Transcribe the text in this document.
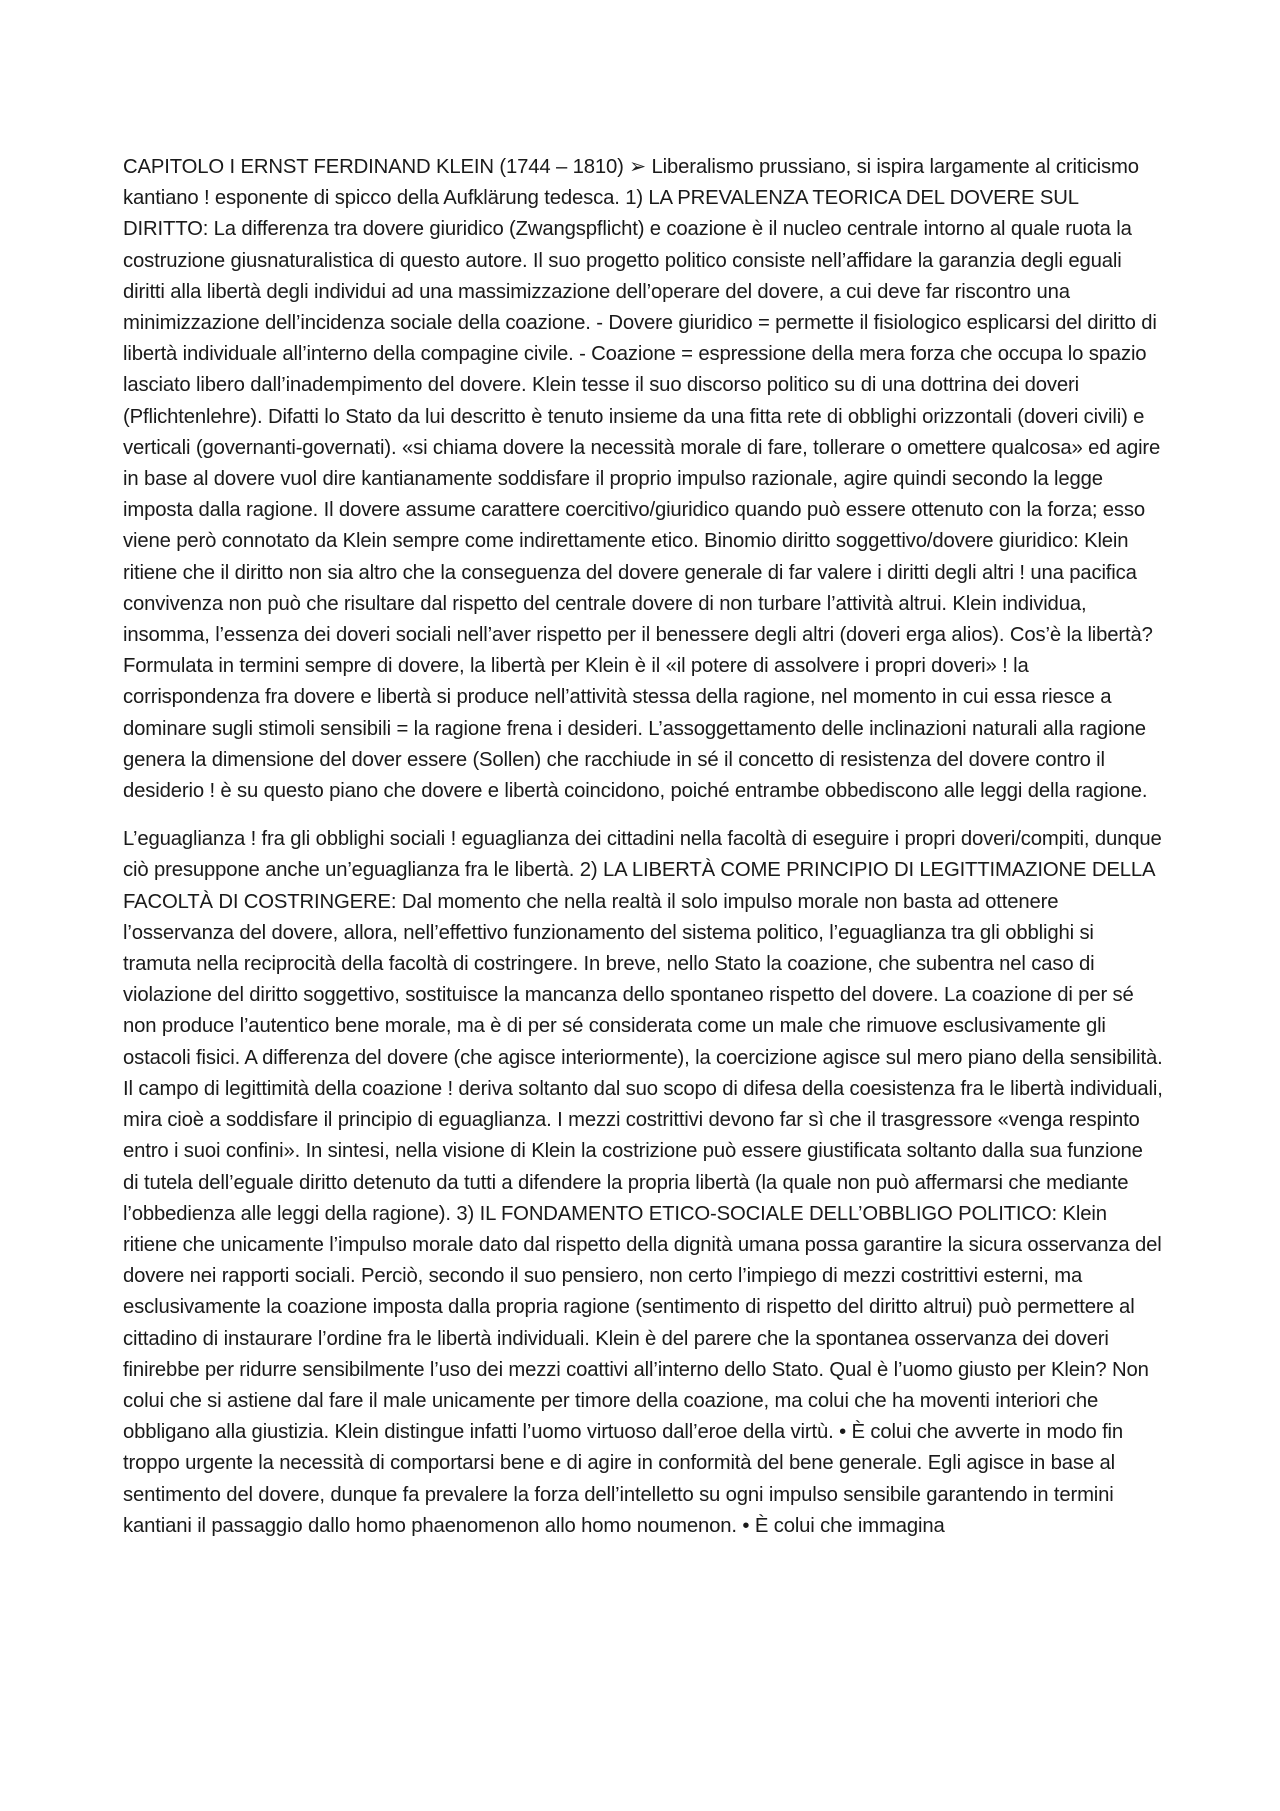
CAPITOLO I ERNST FERDINAND KLEIN (1744 – 1810) ➢ Liberalismo prussiano, si ispira largamente al criticismo kantiano ! esponente di spicco della Aufklärung tedesca. 1) LA PREVALENZA TEORICA DEL DOVERE SUL DIRITTO: La differenza tra dovere giuridico (Zwangspflicht) e coazione è il nucleo centrale intorno al quale ruota la costruzione giusnaturalistica di questo autore. Il suo progetto politico consiste nell’affidare la garanzia degli eguali diritti alla libertà degli individui ad una massimizzazione dell’operare del dovere, a cui deve far riscontro una minimizzazione dell’incidenza sociale della coazione. - Dovere giuridico = permette il fisiologico esplicarsi del diritto di libertà individuale all’interno della compagine civile. - Coazione = espressione della mera forza che occupa lo spazio lasciato libero dall’inadempimento del dovere. Klein tesse il suo discorso politico su di una dottrina dei doveri (Pflichtenlehre). Difatti lo Stato da lui descritto è tenuto insieme da una fitta rete di obblighi orizzontali (doveri civili) e verticali (governanti-governati). «si chiama dovere la necessità morale di fare, tollerare o omettere qualcosa» ed agire in base al dovere vuol dire kantianamente soddisfare il proprio impulso razionale, agire quindi secondo la legge imposta dalla ragione. Il dovere assume carattere coercitivo/giuridico quando può essere ottenuto con la forza; esso viene però connotato da Klein sempre come indirettamente etico. Binomio diritto soggettivo/dovere giuridico: Klein ritiene che il diritto non sia altro che la conseguenza del dovere generale di far valere i diritti degli altri ! una pacifica convivenza non può che risultare dal rispetto del centrale dovere di non turbare l’attività altrui. Klein individua, insomma, l’essenza dei doveri sociali nell’aver rispetto per il benessere degli altri (doveri erga alios). Cos’è la libertà? Formulata in termini sempre di dovere, la libertà per Klein è il «il potere di assolvere i propri doveri» ! la corrispondenza fra dovere e libertà si produce nell’attività stessa della ragione, nel momento in cui essa riesce a dominare sugli stimoli sensibili = la ragione frena i desideri. L’assoggettamento delle inclinazioni naturali alla ragione genera la dimensione del dover essere (Sollen) che racchiude in sé il concetto di resistenza del dovere contro il desiderio ! è su questo piano che dovere e libertà coincidono, poiché entrambe obbediscono alle leggi della ragione.

L’eguaglianza ! fra gli obblighi sociali ! eguaglianza dei cittadini nella facoltà di eseguire i propri doveri/compiti, dunque ciò presuppone anche un’eguaglianza fra le libertà. 2) LA LIBERTÀ COME PRINCIPIO DI LEGITTIMAZIONE DELLA FACOLTÀ DI COSTRINGERE: Dal momento che nella realtà il solo impulso morale non basta ad ottenere l’osservanza del dovere, allora, nell’effettivo funzionamento del sistema politico, l’eguaglianza tra gli obblighi si tramuta nella reciprocità della facoltà di costringere. In breve, nello Stato la coazione, che subentra nel caso di violazione del diritto soggettivo, sostituisce la mancanza dello spontaneo rispetto del dovere. La coazione di per sé non produce l’autentico bene morale, ma è di per sé considerata come un male che rimuove esclusivamente gli ostacoli fisici. A differenza del dovere (che agisce interiormente), la coercizione agisce sul mero piano della sensibilità. Il campo di legittimità della coazione ! deriva soltanto dal suo scopo di difesa della coesistenza fra le libertà individuali, mira cioè a soddisfare il principio di eguaglianza. I mezzi costrittivi devono far sì che il trasgressore «venga respinto entro i suoi confini». In sintesi, nella visione di Klein la costrizione può essere giustificata soltanto dalla sua funzione di tutela dell’eguale diritto detenuto da tutti a difendere la propria libertà (la quale non può affermarsi che mediante l’obbedienza alle leggi della ragione). 3) IL FONDAMENTO ETICO-SOCIALE DELL’OBBLIGO POLITICO: Klein ritiene che unicamente l’impulso morale dato dal rispetto della dignità umana possa garantire la sicura osservanza del dovere nei rapporti sociali. Perciò, secondo il suo pensiero, non certo l’impiego di mezzi costrittivi esterni, ma esclusivamente la coazione imposta dalla propria ragione (sentimento di rispetto del diritto altrui) può permettere al cittadino di instaurare l’ordine fra le libertà individuali. Klein è del parere che la spontanea osservanza dei doveri finirebbe per ridurre sensibilmente l’uso dei mezzi coattivi all’interno dello Stato. Qual è l’uomo giusto per Klein? Non colui che si astiene dal fare il male unicamente per timore della coazione, ma colui che ha moventi interiori che obbligano alla giustizia. Klein distingue infatti l’uomo virtuoso dall’eroe della virtù. • È colui che avverte in modo fin troppo urgente la necessità di comportarsi bene e di agire in conformità del bene generale. Egli agisce in base al sentimento del dovere, dunque fa prevalere la forza dell’intelletto su ogni impulso sensibile garantendo in termini kantiani il passaggio dallo homo phaenomenon allo homo noumenon. • È colui che immagina
